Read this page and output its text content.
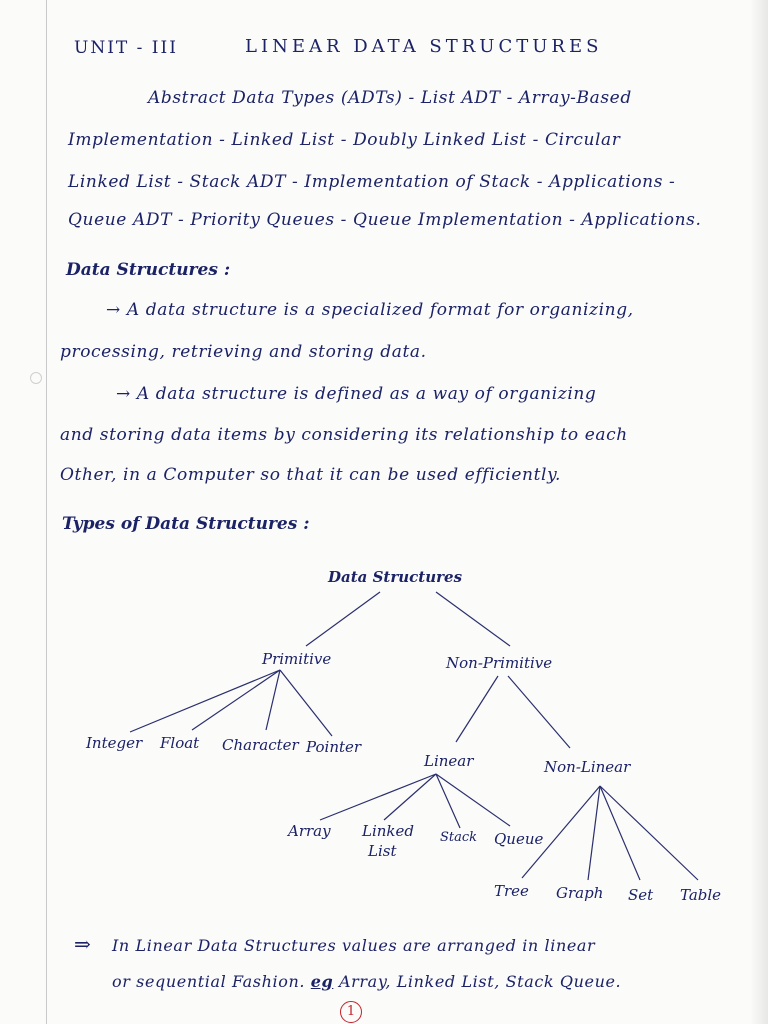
UNIT - III	LINEAR DATA STRUCTURES
Abstract Data Types (ADTs) - List ADT - Array-Based
Implementation - Linked List - Doubly Linked List - Circular
Linked List - Stack ADT - Implementation of Stack - Applications -
Queue ADT - Priority Queues - Queue Implementation - Applications.
Data Structures :
→ A data structure is a specialized format for organizing,
processing, retrieving and storing data.
→ A data structure is defined as a way of organizing
and storing data items by considering its relationship to each
Other, in a Computer so that it can be used efficiently.
Types of Data Structures :
Data Structures
Primitive	Non-Primitive
Integer Float Character Pointer
Linear	Non-Linear
Array Linked
List
Stack Queue
Tree Graph Set Table
⇒ In Linear Data Structures values are arranged in linear
or sequential Fashion. eg Array, Linked List, Stack Queue.
1
